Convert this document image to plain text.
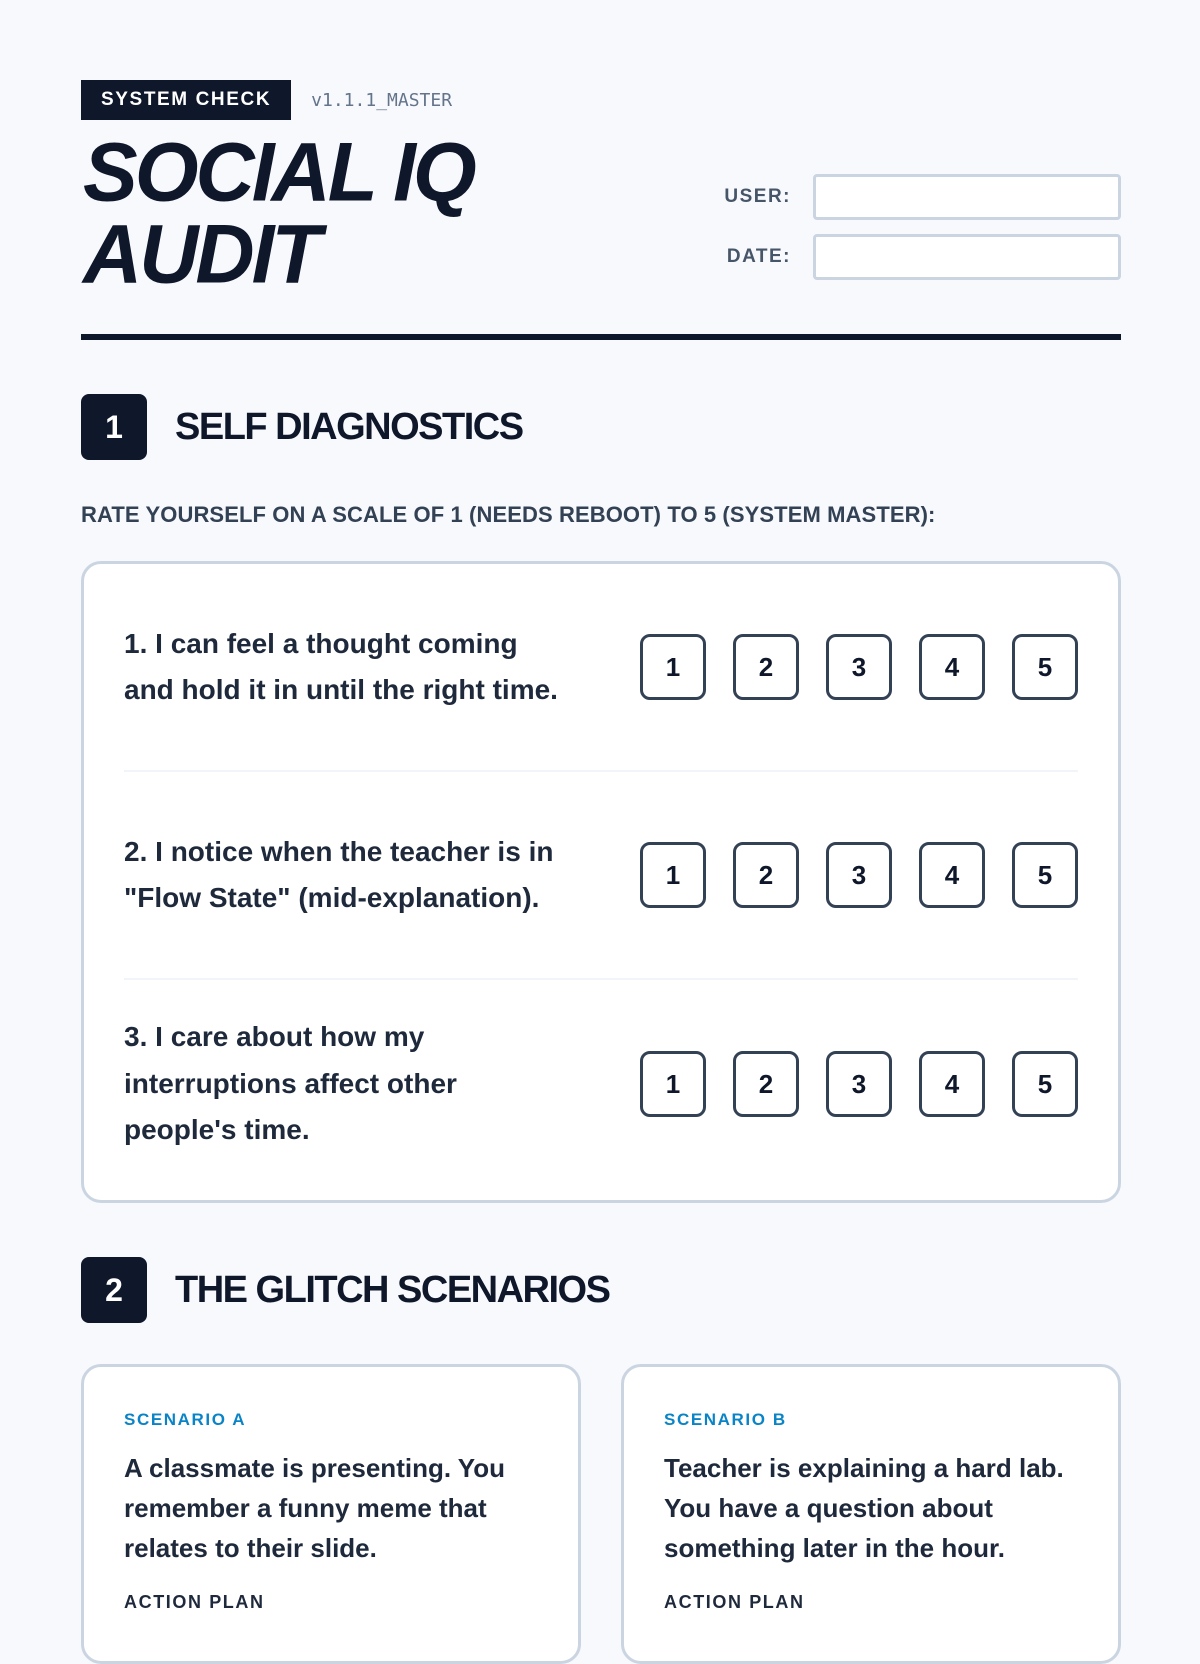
SYSTEM CHECK	v1.1.1_MASTER
SOCIAL IQ
AUDIT
USER:
DATE:
1	SELF DIAGNOSTICS

RATE YOURSELF ON A SCALE OF 1 (NEEDS REBOOT) TO 5 (SYSTEM MASTER):

1. I can feel a thought coming and hold it in until the right time.
1	2	3	4	5
2. I notice when the teacher is in "Flow State" (mid-explanation).
1	2	3	4	5
3. I care about how my interruptions affect other people's time.
1	2	3	4	5
2	THE GLITCH SCENARIOS

SCENARIO A

A classmate is presenting. You remember a funny meme that relates to their slide.

ACTION PLAN

SCENARIO B

Teacher is explaining a hard lab. You have a question about something later in the hour.

ACTION PLAN
